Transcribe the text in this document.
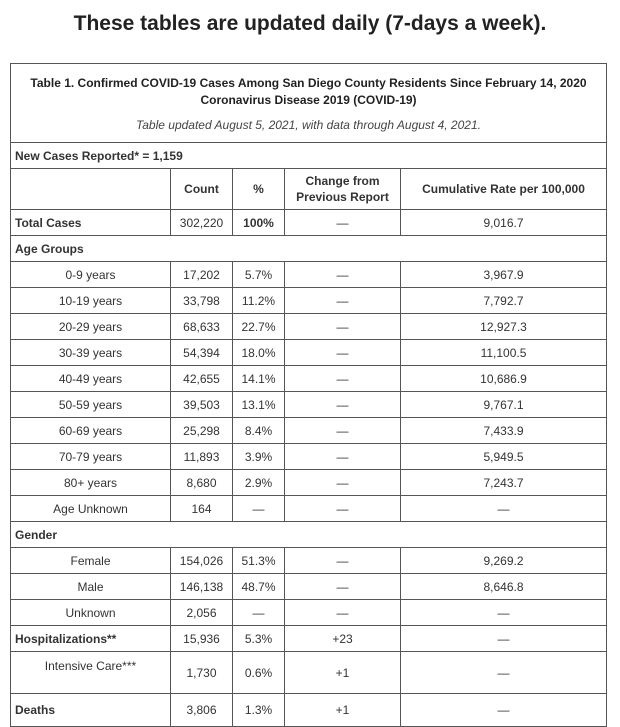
These tables are updated daily (7-days a week).
Table 1. Confirmed COVID-19 Cases Among San Diego County Residents Since February 14, 2020
Coronavirus Disease 2019 (COVID-19)
Table updated August 5, 2021, with data through August 4, 2021.				

New Cases Reported* = 1,159				
	Count	%	Change from Previous Report	Cumulative Rate per 100,000
Total Cases	302,220	100%	—	9,016.7
Age Groups				
0-9 years	17,202	5.7%	—	3,967.9
10-19 years	33,798	11.2%	—	7,792.7
20-29 years	68,633	22.7%	—	12,927.3
30-39 years	54,394	18.0%	—	11,100.5
40-49 years	42,655	14.1%	—	10,686.9
50-59 years	39,503	13.1%	—	9,767.1
60-69 years	25,298	8.4%	—	7,433.9
70-79 years	11,893	3.9%	—	5,949.5
80+ years	8,680	2.9%	—	7,243.7
Age Unknown	164	—	—	—
Gender				
Female	154,026	51.3%	—	9,269.2
Male	146,138	48.7%	—	8,646.8
Unknown	2,056	—	—	—
Hospitalizations**	15,936	5.3%	+23	—
Intensive Care***	1,730	0.6%	+1	—
Deaths	3,806	1.3%	+1	—
